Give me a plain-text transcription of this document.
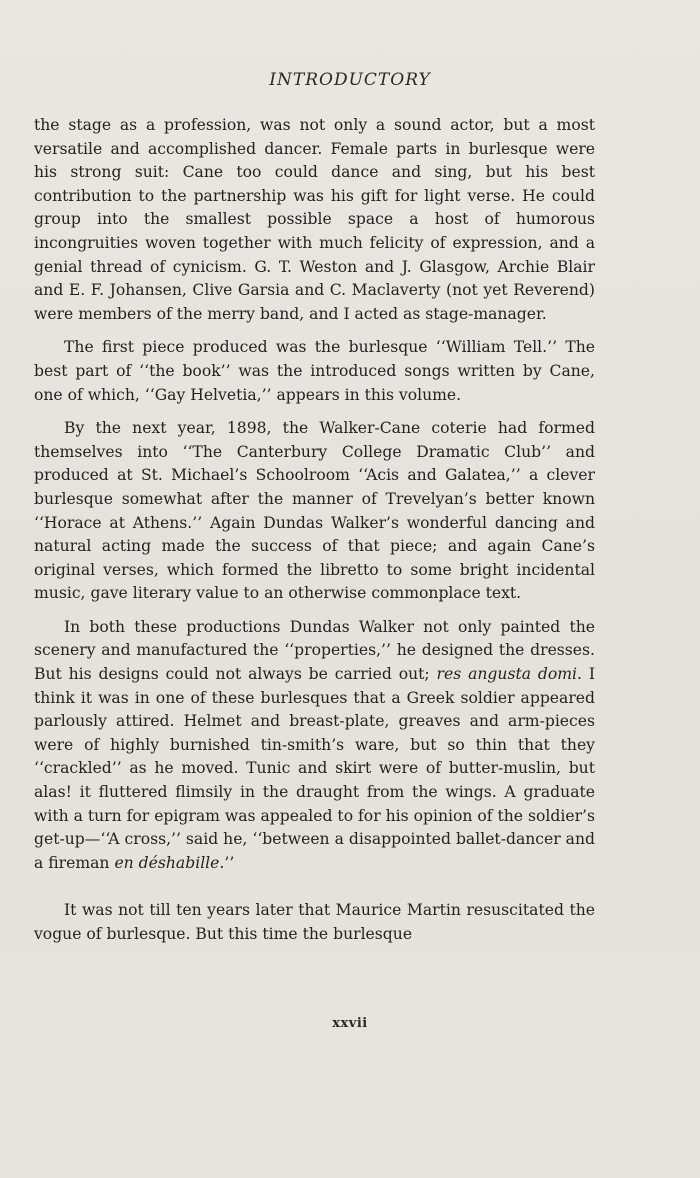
INTRODUCTORY

the stage as a profession, was not only a sound actor, but a most versatile and accomplished dancer. Female parts in burlesque were his strong suit: Cane too could dance and sing, but his best contribution to the partnership was his gift for light verse. He could group into the smallest possible space a host of humorous incongruities woven together with much felicity of expression, and a genial thread of cynicism. G. T. Weston and J. Glasgow, Archie Blair and E. F. Johansen, Clive Garsia and C. Maclaverty (not yet Reverend) were members of the merry band, and I acted as stage-manager.

The first piece produced was the burlesque ‘‘William Tell.’’ The best part of ‘‘the book’’ was the introduced songs written by Cane, one of which, ‘‘Gay Helvetia,’’ appears in this volume.

By the next year, 1898, the Walker-Cane coterie had formed themselves into ‘‘The Canterbury College Dramatic Club’’ and produced at St. Michael’s Schoolroom ‘‘Acis and Galatea,’’ a clever burlesque somewhat after the manner of Trevelyan’s better known ‘‘Horace at Athens.’’ Again Dundas Walker’s wonderful dancing and natural acting made the success of that piece; and again Cane’s original verses, which formed the libretto to some bright incidental music, gave literary value to an otherwise commonplace text.

In both these productions Dundas Walker not only painted the scenery and manufactured the ‘‘properties,’’ he designed the dresses. But his designs could not always be carried out; res angusta domi. I think it was in one of these burlesques that a Greek soldier appeared parlously attired. Helmet and breast-plate, greaves and arm-pieces were of highly burnished tin-smith’s ware, but so thin that they ‘‘crackled’’ as he moved. Tunic and skirt were of butter-muslin, but alas! it fluttered flimsily in the draught from the wings. A graduate with a turn for epigram was appealed to for his opinion of the soldier’s get-up—‘‘A cross,’’ said he, ‘‘between a disappointed ballet-dancer and a fireman en déshabille.’’

It was not till ten years later that Maurice Martin resuscitated the vogue of burlesque. But this time the burlesque

xxvii
